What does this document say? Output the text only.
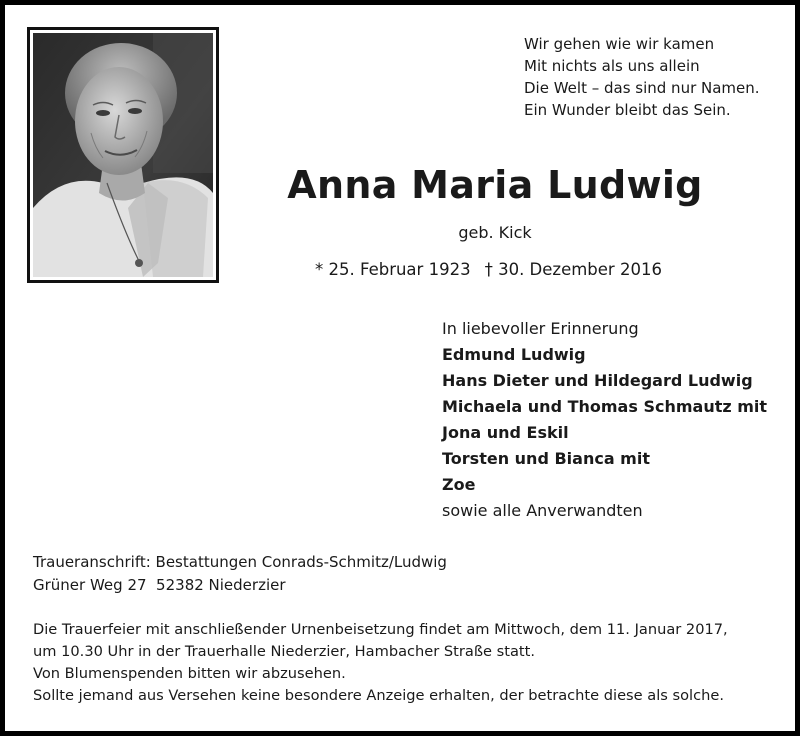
Wir gehen wie wir kamen
Mit nichts als uns allein
Die Welt – das sind nur Namen.
Ein Wunder bleibt das Sein.
Anna Maria Ludwig
geb. Kick
* 25. Februar 1923 † 30. Dezember 2016
In liebevoller Erinnerung
Edmund Ludwig
Hans Dieter und Hildegard Ludwig
Michaela und Thomas Schmautz mit
Jona und Eskil
Torsten und Bianca mit
Zoe
sowie alle Anverwandten
Traueranschrift: Bestattungen Conrads-Schmitz/Ludwig
Grüner Weg 27  52382 Niederzier
Die Trauerfeier mit anschließender Urnenbeisetzung findet am Mittwoch, dem 11. Januar 2017,
um 10.30 Uhr in der Trauerhalle Niederzier, Hambacher Straße statt.
Von Blumenspenden bitten wir abzusehen.
Sollte jemand aus Versehen keine besondere Anzeige erhalten, der betrachte diese als solche.
